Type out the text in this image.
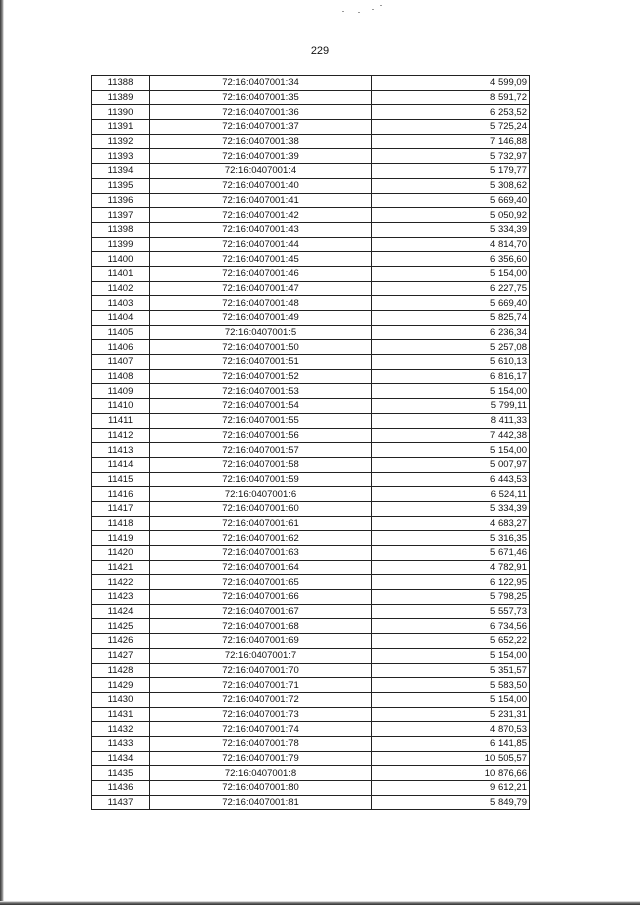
229
11388	72:16:0407001:34	4 599,09
11389	72:16:0407001:35	8 591,72
11390	72:16:0407001:36	6 253,52
11391	72:16:0407001:37	5 725,24
11392	72:16:0407001:38	7 146,88
11393	72:16:0407001:39	5 732,97
11394	72:16:0407001:4	5 179,77
11395	72:16:0407001:40	5 308,62
11396	72:16:0407001:41	5 669,40
11397	72:16:0407001:42	5 050,92
11398	72:16:0407001:43	5 334,39
11399	72:16:0407001:44	4 814,70
11400	72:16:0407001:45	6 356,60
11401	72:16:0407001:46	5 154,00
11402	72:16:0407001:47	6 227,75
11403	72:16:0407001:48	5 669,40
11404	72:16:0407001:49	5 825,74
11405	72:16:0407001:5	6 236,34
11406	72:16:0407001:50	5 257,08
11407	72:16:0407001:51	5 610,13
11408	72:16:0407001:52	6 816,17
11409	72:16:0407001:53	5 154,00
11410	72:16:0407001:54	5 799,11
11411	72:16:0407001:55	8 411,33
11412	72:16:0407001:56	7 442,38
11413	72:16:0407001:57	5 154,00
11414	72:16:0407001:58	5 007,97
11415	72:16:0407001:59	6 443,53
11416	72:16:0407001:6	6 524,11
11417	72:16:0407001:60	5 334,39
11418	72:16:0407001:61	4 683,27
11419	72:16:0407001:62	5 316,35
11420	72:16:0407001:63	5 671,46
11421	72:16:0407001:64	4 782,91
11422	72:16:0407001:65	6 122,95
11423	72:16:0407001:66	5 798,25
11424	72:16:0407001:67	5 557,73
11425	72:16:0407001:68	6 734,56
11426	72:16:0407001:69	5 652,22
11427	72:16:0407001:7	5 154,00
11428	72:16:0407001:70	5 351,57
11429	72:16:0407001:71	5 583,50
11430	72:16:0407001:72	5 154,00
11431	72:16:0407001:73	5 231,31
11432	72:16:0407001:74	4 870,53
11433	72:16:0407001:78	6 141,85
11434	72:16:0407001:79	10 505,57
11435	72:16:0407001:8	10 876,66
11436	72:16:0407001:80	9 612,21
11437	72:16:0407001:81	5 849,79
